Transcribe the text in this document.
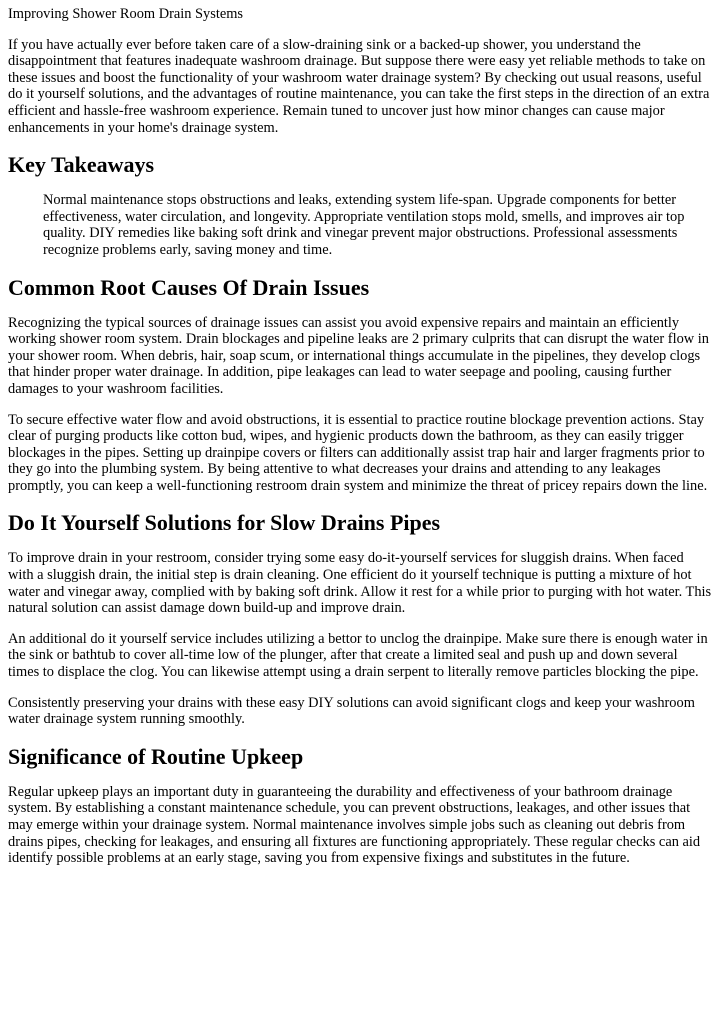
Improving Shower Room Drain Systems

If you have actually ever before taken care of a slow-draining sink or a backed-up shower, you understand the disappointment that features inadequate washroom drainage. But suppose there were easy yet reliable methods to take on these issues and boost the functionality of your washroom water drainage system? By checking out usual reasons, useful do it yourself solutions, and the advantages of routine maintenance, you can take the first steps in the direction of an extra efficient and hassle-free washroom experience. Remain tuned to uncover just how minor changes can cause major enhancements in your home's drainage system.

Key Takeaways
Normal maintenance stops obstructions and leaks, extending system life-span. Upgrade components for better effectiveness, water circulation, and longevity. Appropriate ventilation stops mold, smells, and improves air top quality. DIY remedies like baking soft drink and vinegar prevent major obstructions. Professional assessments recognize problems early, saving money and time.
Common Root Causes Of Drain Issues

Recognizing the typical sources of drainage issues can assist you avoid expensive repairs and maintain an efficiently working shower room system. Drain blockages and pipeline leaks are 2 primary culprits that can disrupt the water flow in your shower room. When debris, hair, soap scum, or international things accumulate in the pipelines, they develop clogs that hinder proper water drainage. In addition, pipe leakages can lead to water seepage and pooling, causing further damages to your washroom facilities.

To secure effective water flow and avoid obstructions, it is essential to practice routine blockage prevention actions. Stay clear of purging products like cotton bud, wipes, and hygienic products down the bathroom, as they can easily trigger blockages in the pipes. Setting up drainpipe covers or filters can additionally assist trap hair and larger fragments prior to they go into the plumbing system. By being attentive to what decreases your drains and attending to any leakages promptly, you can keep a well-functioning restroom drain system and minimize the threat of pricey repairs down the line.

Do It Yourself Solutions for Slow Drains Pipes

To improve drain in your restroom, consider trying some easy do-it-yourself services for sluggish drains. When faced with a sluggish drain, the initial step is drain cleaning. One efficient do it yourself technique is putting a mixture of hot water and vinegar away, complied with by baking soft drink. Allow it rest for a while prior to purging with hot water. This natural solution can assist damage down build-up and improve drain.

An additional do it yourself service includes utilizing a bettor to unclog the drainpipe. Make sure there is enough water in the sink or bathtub to cover all-time low of the plunger, after that create a limited seal and push up and down several times to displace the clog. You can likewise attempt using a drain serpent to literally remove particles blocking the pipe.

Consistently preserving your drains with these easy DIY solutions can avoid significant clogs and keep your washroom water drainage system running smoothly.

Significance of Routine Upkeep

Regular upkeep plays an important duty in guaranteeing the durability and effectiveness of your bathroom drainage system. By establishing a constant maintenance schedule, you can prevent obstructions, leakages, and other issues that may emerge within your drainage system. Normal maintenance involves simple jobs such as cleaning out debris from drains pipes, checking for leakages, and ensuring all fixtures are functioning appropriately. These regular checks can aid identify possible problems at an early stage, saving you from expensive fixings and substitutes in the future.
